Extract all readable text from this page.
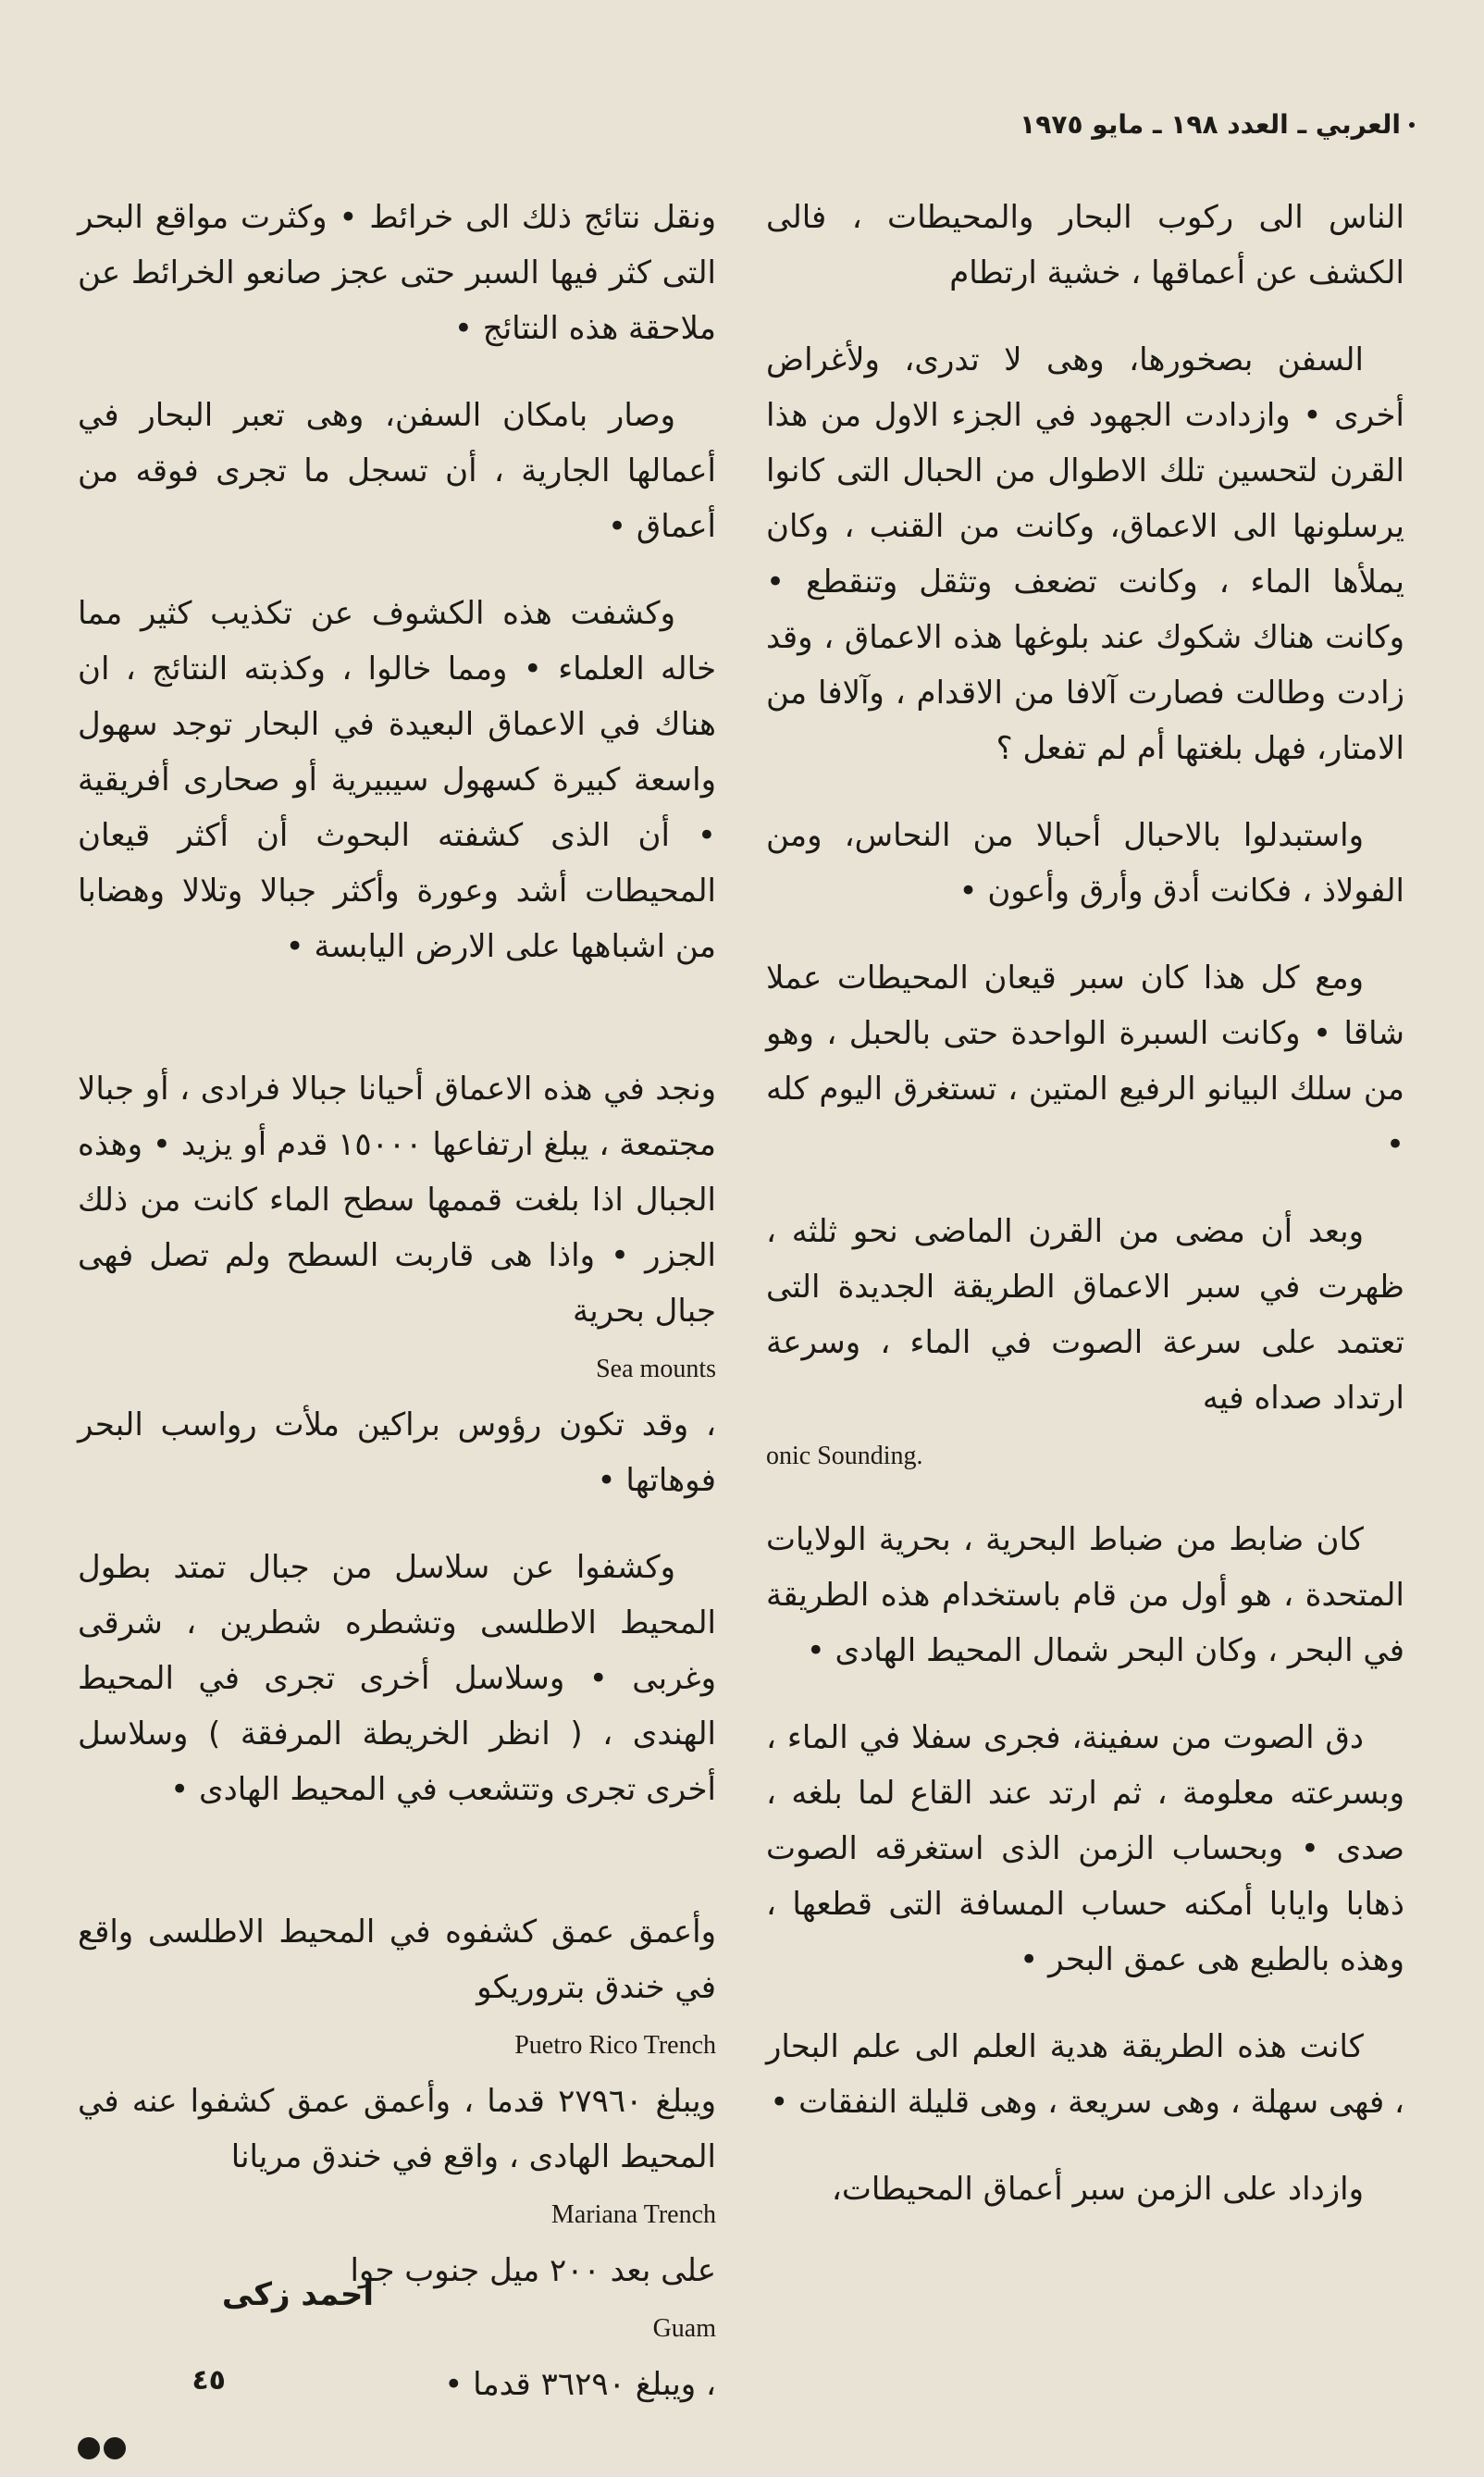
العربي ـ العدد ١٩٨ ـ مايو ١٩٧٥

الناس الى ركوب البحار والمحيطات ، فالى الكشف عن أعماقها ، خشية ارتطام

السفن بصخورها، وهى لا تدرى، ولأغراض أخرى • وازدادت الجهود في الجزء الاول من هذا القرن لتحسين تلك الاطوال من الحبال التى كانوا يرسلونها الى الاعماق، وكانت من القنب ، وكان يملأها الماء ، وكانت تضعف وتثقل وتنقطع • وكانت هناك شكوك عند بلوغها هذه الاعماق ، وقد زادت وطالت فصارت آلافا من الاقدام ، وآلافا من الامتار، فهل بلغتها أم لم تفعل ؟

واستبدلوا بالاحبال أحبالا من النحاس، ومن الفولاذ ، فكانت أدق وأرق وأعون •

ومع كل هذا كان سبر قيعان المحيطات عملا شاقا • وكانت السبرة الواحدة حتى بالحبل ، وهو من سلك البيانو الرفيع المتين ، تستغرق اليوم كله •

وبعد أن مضى من القرن الماضى نحو ثلثه ، ظهرت في سبر الاعماق الطريقة الجديدة التى تعتمد على سرعة الصوت في الماء ، وسرعة ارتداد صداه فيه

onic Sounding.

كان ضابط من ضباط البحرية ، بحرية الولايات المتحدة ، هو أول من قام باستخدام هذه الطريقة في البحر ، وكان البحر شمال المحيط الهادى •

دق الصوت من سفينة، فجرى سفلا في الماء ، وبسرعته معلومة ، ثم ارتد عند القاع لما بلغه ، صدى • وبحساب الزمن الذى استغرقه الصوت ذهابا وايابا أمكنه حساب المسافة التى قطعها ، وهذه بالطبع هى عمق البحر •

كانت هذه الطريقة هدية العلم الى علم البحار ، فهى سهلة ، وهى سريعة ، وهى قليلة النفقات •

وازداد على الزمن سبر أعماق المحيطات،

ونقل نتائج ذلك الى خرائط • وكثرت مواقع البحر التى كثر فيها السبر حتى عجز صانعو الخرائط عن ملاحقة هذه النتائج •

وصار بامكان السفن، وهى تعبر البحار في أعمالها الجارية ، أن تسجل ما تجرى فوقه من أعماق •

وكشفت هذه الكشوف عن تكذيب كثير مما خاله العلماء • ومما خالوا ، وكذبته النتائج ، ان هناك في الاعماق البعيدة في البحار توجد سهول واسعة كبيرة كسهول سيبيرية أو صحارى أفريقية • أن الذى كشفته البحوث أن أكثر قيعان المحيطات أشد وعورة وأكثر جبالا وتلالا وهضابا من اشباهها على الارض اليابسة •

ونجد في هذه الاعماق أحيانا جبالا فرادى ، أو جبالا مجتمعة ، يبلغ ارتفاعها ١٥٠٠٠ قدم أو يزيد • وهذه الجبال اذا بلغت قممها سطح الماء كانت من ذلك الجزر • واذا هى قاربت السطح ولم تصل فهى جبال بحرية
Sea mounts
، وقد تكون رؤوس براكين ملأت رواسب البحر فوهاتها •

وكشفوا عن سلاسل من جبال تمتد بطول المحيط الاطلسى وتشطره شطرين ، شرقى وغربى • وسلاسل أخرى تجرى في المحيط الهندى ، ( انظر الخريطة المرفقة ) وسلاسل أخرى تجرى وتتشعب في المحيط الهادى •

وأعمق عمق كشفوه في المحيط الاطلسى واقع في خندق بتروريكو
Puetro Rico Trench
ويبلغ ٢٧٩٦٠ قدما ، وأعمق عمق كشفوا عنه في المحيط الهادى ، واقع في خندق مريانا
Mariana Trench
على بعد ٢٠٠ ميل جنوب جوا
Guam
، ويبلغ ٣٦٢٩٠ قدما •

احمد زكى
٤٥
